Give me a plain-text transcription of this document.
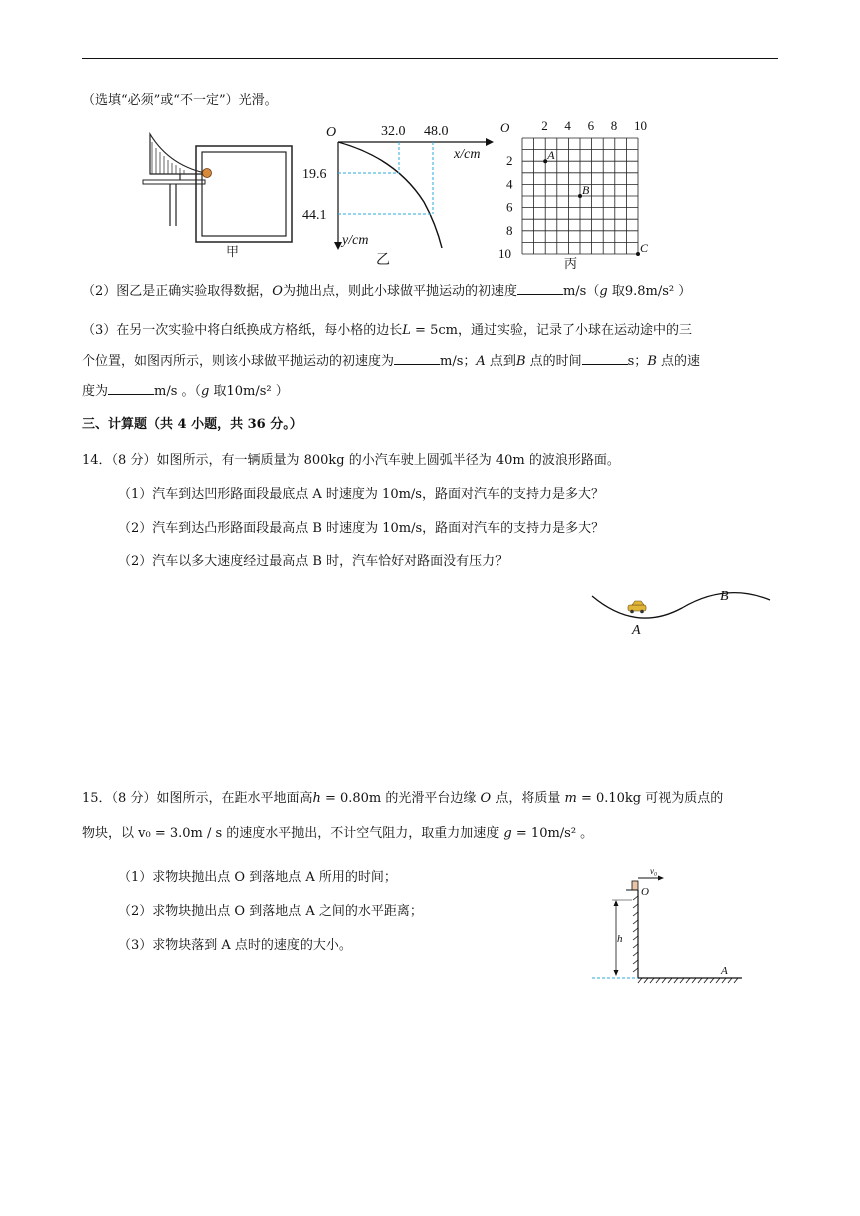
（选填“必须”或“不一定”）光滑。
甲
O	32.0 48.0
x/cm
19.6
44.1
y/cm
乙
O 2 4 6 8 10
2
4
6
8
10
A
B
C
丙
（2）图乙是正确实验取得数据，O为抛出点，则此小球做平抛运动的初速度	m/s（g 取9.8m/s² ）
（3）在另一次实验中将白纸换成方格纸，每小格的边长L = 5cm，通过实验，记录了小球在运动途中的三
个位置，如图丙所示，则该小球做平抛运动的初速度为	m/s；A 点到B 点的时间	s；B 点的速
度为	m/s 。（g 取10m/s² ）
三、计算题（共 4 小题，共 36 分。）
14．（8 分）如图所示，有一辆质量为 800kg 的小汽车驶上圆弧半径为 40m 的波浪形路面。
（1）汽车到达凹形路面段最底点 A 时速度为 10m/s，路面对汽车的支持力是多大？
（2）汽车到达凸形路面段最高点 B 时速度为 10m/s，路面对汽车的支持力是多大？
（2）汽车以多大速度经过最高点 B 时，汽车恰好对路面没有压力？
A
B
15．（8 分）如图所示，在距水平地面高h = 0.80m 的光滑平台边缘 O 点，将质量 m = 0.10kg 可视为质点的
物块，以 v₀ = 3.0m / s 的速度水平抛出，不计空气阻力，取重力加速度 g = 10m/s² 。
（1）求物块抛出点 O 到落地点 A 所用的时间；
（2）求物块抛出点 O 到落地点 A 之间的水平距离；
（3）求物块落到 A 点时的速度的大小。
v₀
O
h
A
